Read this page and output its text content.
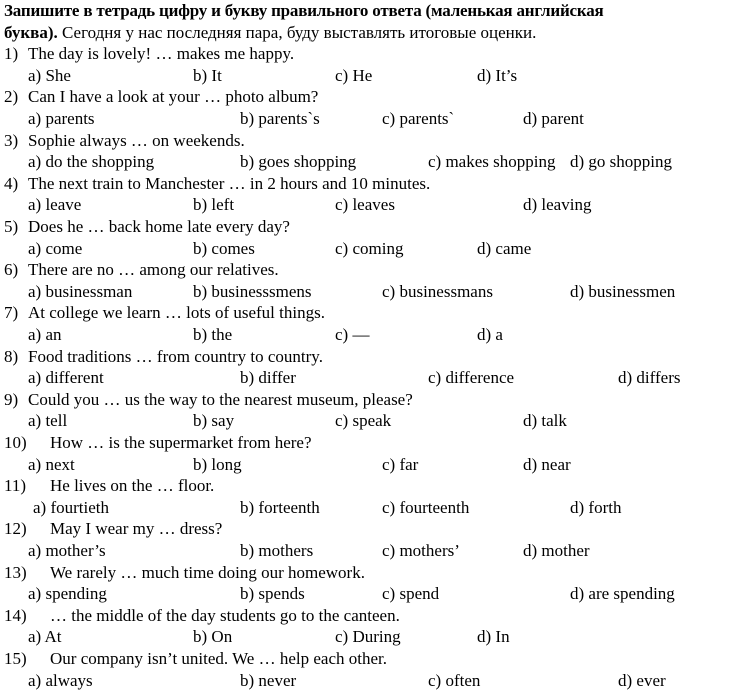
Запишите в тетрадь цифру и букву правильного ответа (маленькая английская
буква). Сегодня у нас последняя пара, буду выставлять итоговые оценки.
1) The day is lovely! … makes me happy.
a) She	b) It	c) He	d) It’s
2) Can I have a look at your … photo album?
a) parents	b) parents`s	c) parents`	d) parent
3) Sophie always … on weekends.
a) do the shopping	b) goes shopping	c) makes shopping d) go shopping
4) The next train to Manchester … in 2 hours and 10 minutes.
a) leave	b) left	c) leaves	d) leaving
5) Does he … back home late every day?
a) come	b) comes	c) coming	d) came
6) There are no … among our relatives.
a) businessman	b) businesssmens	c) businessmans	d) businessmen
7) At college we learn … lots of useful things.
a) an	b) the	c) —	d) a
8) Food traditions … from country to country.
a) different	b) differ	c) difference	d) differs
9) Could you … us the way to the nearest museum, please?
a) tell	b) say	c) speak	d) talk
10) How … is the supermarket from here?
a) next	b) long	c) far	d) near
11) He lives on the … floor.
a) fourtieth	b) forteenth	c) fourteenth	d) forth
12) May I wear my … dress?
a) mother’s	b) mothers	c) mothers’	d) mother
13) We rarely … much time doing our homework.
a) spending	b) spends	c) spend	d) are spending
14) … the middle of the day students go to the canteen.
a) At	b) On	c) During	d) In
15) Our company isn’t united. We … help each other.
a) always	b) never	c) often	d) ever
